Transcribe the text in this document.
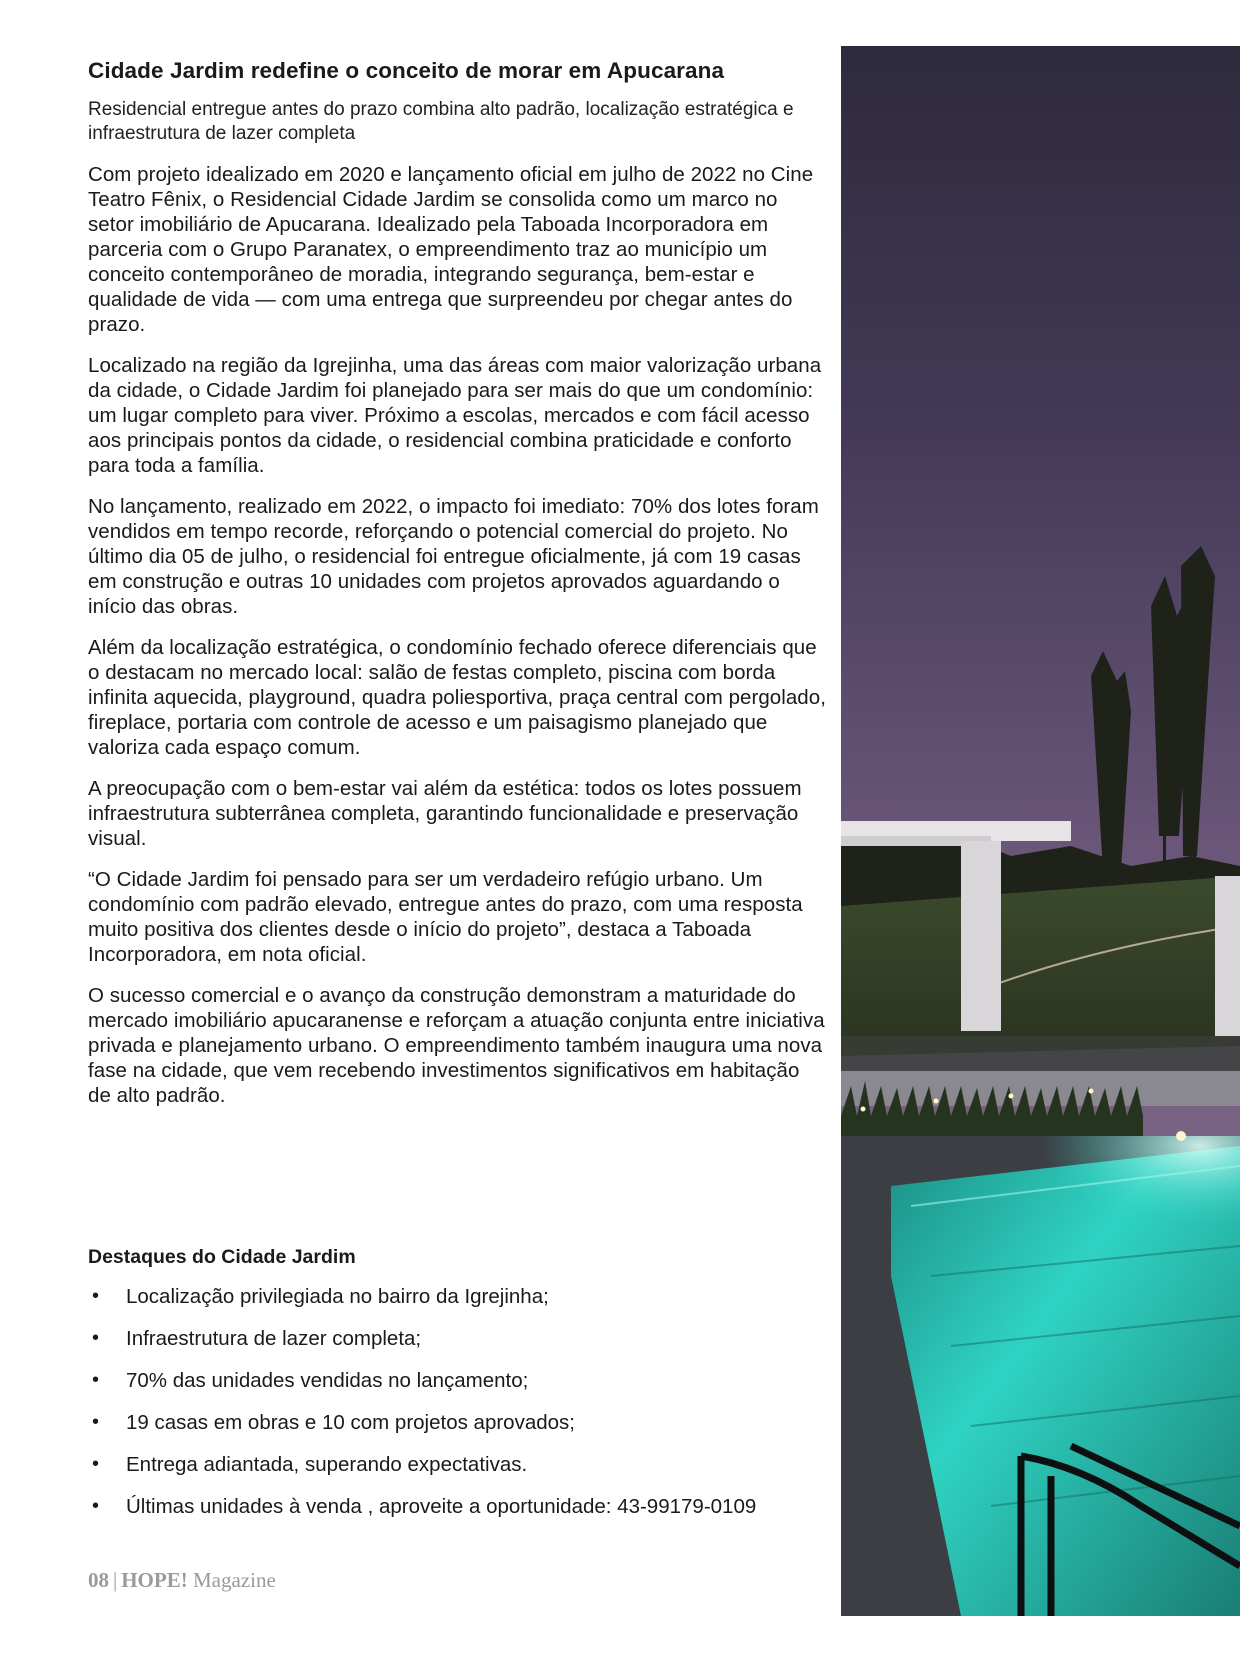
Cidade Jardim redefine o conceito de morar em Apucarana

Residencial entregue antes do prazo combina alto padrão, localização estratégica e infraestrutura de lazer completa

Com projeto idealizado em 2020 e lançamento oficial em julho de 2022 no Cine Teatro Fênix, o Residencial Cidade Jardim se consolida como um marco no setor imobiliário de Apucarana. Idealizado pela Taboada Incorporadora em parceria com o Grupo Paranatex, o empreendimento traz ao município um conceito contemporâneo de moradia, integrando segurança, bem-estar e qualidade de vida — com uma entrega que surpreendeu por chegar antes do prazo.

Localizado na região da Igrejinha, uma das áreas com maior valorização urbana da cidade, o Cidade Jardim foi planejado para ser mais do que um condomínio: um lugar completo para viver. Próximo a escolas, mercados e com fácil acesso aos principais pontos da cidade, o residencial combina praticidade e conforto para toda a família.

No lançamento, realizado em 2022, o impacto foi imediato: 70% dos lotes foram vendidos em tempo recorde, reforçando o potencial comercial do projeto. No último dia 05 de julho, o residencial foi entregue oficialmente, já com 19 casas em construção e outras 10 unidades com projetos aprovados aguardando o início das obras.

Além da localização estratégica, o condomínio fechado oferece diferenciais que o destacam no mercado local: salão de festas completo, piscina com borda infinita aquecida, playground, quadra poliesportiva, praça central com pergolado, fireplace, portaria com controle de acesso e um paisagismo planejado que valoriza cada espaço comum.

A preocupação com o bem-estar vai além da estética: todos os lotes possuem infraestrutura subterrânea completa, garantindo funcionalidade e preservação visual.

“O Cidade Jardim foi pensado para ser um verdadeiro refúgio urbano. Um condomínio com padrão elevado, entregue antes do prazo, com uma resposta muito positiva dos clientes desde o início do projeto”, destaca a Taboada Incorporadora, em nota oficial.

O sucesso comercial e o avanço da construção demonstram a maturidade do mercado imobiliário apucaranense e reforçam a atuação conjunta entre iniciativa privada e planejamento urbano. O empreendimento também inaugura uma nova fase na cidade, que vem recebendo investimentos significativos em habitação de alto padrão.

Destaques do Cidade Jardim
• Localização privilegiada no bairro da Igrejinha;
• Infraestrutura de lazer completa;
• 70% das unidades vendidas no lançamento;
• 19 casas em obras e 10 com projetos aprovados;
• Entrega adiantada, superando expectativas.
• Últimas unidades à venda , aproveite a oportunidade: 43-99179-0109
08 | HOPE! Magazine
